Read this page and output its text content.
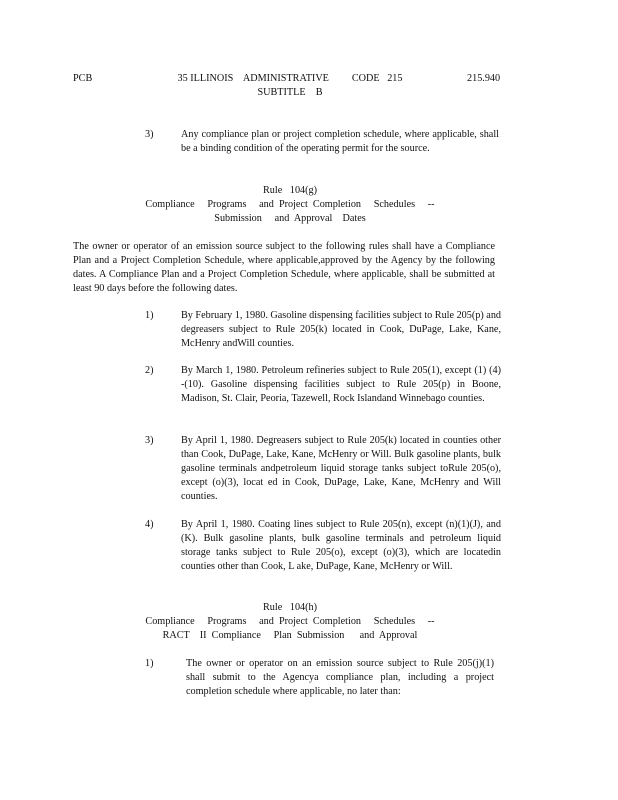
PCB	35 ILLINOIS    ADMINISTRATIVE         CODE   215
SUBTITLE    B
215.940
3)	Any compliance plan or project completion schedule, where applicable, shall be a binding condition of the operating permit for the source.

Rule   104(g)
Compliance     Programs     and  Project  Completion     Schedules     --
Submission     and  Approval    Dates

The owner or operator of an emission source subject to the following rules shall have a Compliance Plan and a Project Completion Schedule, where applicable,approved by the Agency by the following dates. A Compliance Plan and a Project Completion Schedule, where applicable, shall be submitted at least 90 days before the following dates.

1)	By February 1, 1980. Gasoline dispensing facilities subject to Rule 205(p) and degreasers subject to Rule 205(k) located in Cook, DuPage, Lake, Kane, McHenry andWill counties.

2)	By March 1, 1980. Petroleum refineries subject to Rule 205(1), except (1) (4) -(10). Gasoline dispensing facilities subject to Rule 205(p) in Boone, Madison, St. Clair, Peoria, Tazewell, Rock Islandand Winnebago counties.

3)	By April 1, 1980. Degreasers subject to Rule 205(k) located in counties other than Cook, DuPage, Lake, Kane, McHenry or Will. Bulk gasoline plants, bulk gasoline terminals andpetroleum liquid storage tanks subject toRule 205(o), except (o)(3), locat ed in Cook, DuPage, Lake, Kane, McHenry and Will counties.

4)	By April 1, 1980. Coating lines subject to Rule 205(n), except (n)(1)(J), and (K). Bulk gasoline plants, bulk gasoline terminals and petroleum liquid storage tanks subject to Rule 205(o), except (o)(3), which are locatedin counties other than Cook, L ake, DuPage, Kane, McHenry or Will.

Rule   104(h)
Compliance     Programs     and  Project  Completion     Schedules     --
RACT    II  Compliance     Plan  Submission      and  Approval
1)	The owner or operator on an emission source subject to Rule 205(j)(1) shall submit to the Agencya compliance plan, including a project completion schedule where applicable, no later than:
